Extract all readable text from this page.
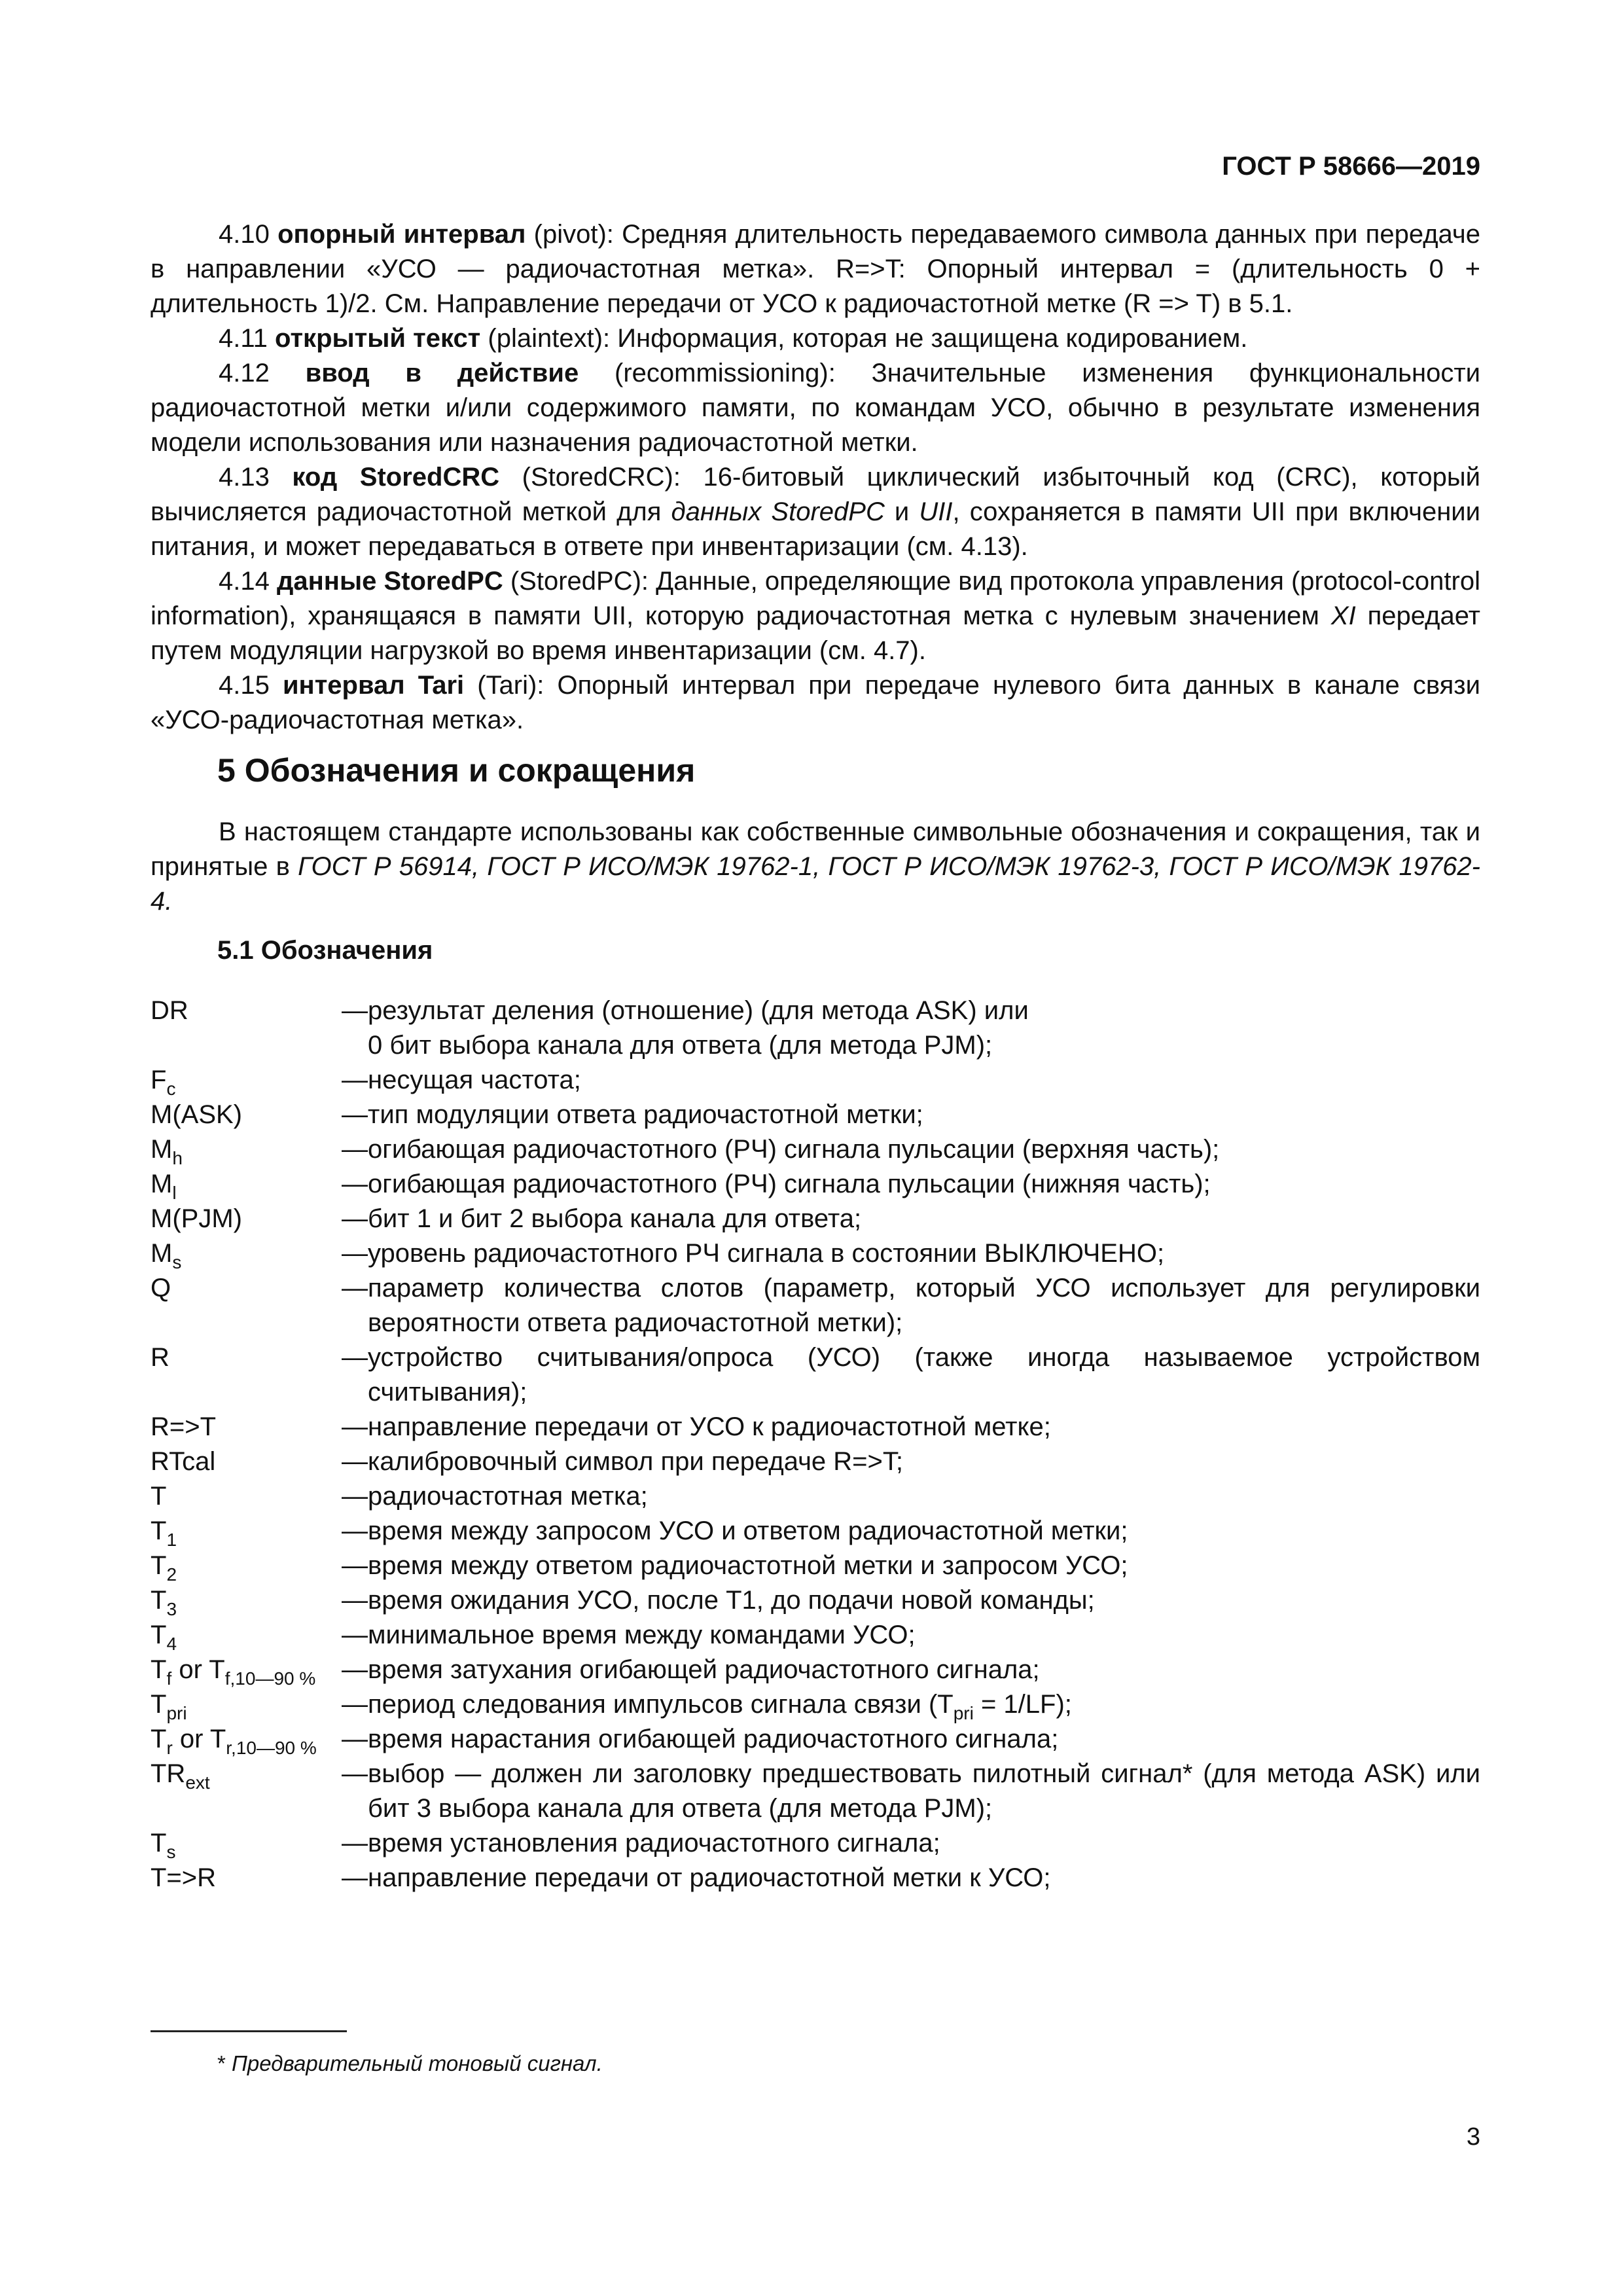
ГОСТ Р 58666—2019

4.10 опорный интервал (pivot): Средняя длительность передаваемого символа данных при передаче в направлении «УСО — радиочастотная метка». R=>T: Опорный интервал = (длительность 0 + длительность 1)/2. См. Направление передачи от УСО к радиочастотной метке (R => T) в 5.1.

4.11 открытый текст (plaintext): Информация, которая не защищена кодированием.

4.12 ввод в действие (recommissioning): Значительные изменения функциональности радиочастотной метки и/или содержимого памяти, по командам УСО, обычно в результате изменения модели использования или назначения радиочастотной метки.

4.13 код StoredCRC (StoredCRC): 16-битовый циклический избыточный код (CRC), который вычисляется радиочастотной меткой для данных StoredPC и UII, сохраняется в памяти UII при включении питания, и может передаваться в ответе при инвентаризации (см. 4.13).

4.14 данные StoredPC (StoredPC): Данные, определяющие вид протокола управления (protocol-control information), хранящаяся в памяти UII, которую радиочастотная метка с нулевым значением XI передает путем модуляции нагрузкой во время инвентаризации (см. 4.7).

4.15 интервал Tari (Tari): Опорный интервал при передаче нулевого бита данных в канале связи «УСО-радиочастотная метка».

5 Обозначения и сокращения

В настоящем стандарте использованы как собственные символьные обозначения и сокращения, так и принятые в ГОСТ Р 56914, ГОСТ Р ИСО/МЭК 19762-1, ГОСТ Р ИСО/МЭК 19762-3, ГОСТ Р ИСО/МЭК 19762-4.

5.1 Обозначения
DR	— результат деления (отношение) (для метода ASK) или
0 бит выбора канала для ответа (для метода PJM);
$F_c$	— несущая частота;
M(ASK)	— тип модуляции ответа радиочастотной метки;
$M_h$	— огибающая радиочастотного (РЧ) сигнала пульсации (верхняя часть);
$M_l$	— огибающая радиочастотного (РЧ) сигнала пульсации (нижняя часть);
M(PJM)	— бит 1 и бит 2 выбора канала для ответа;
$M_s$	— уровень радиочастотного РЧ сигнала в состоянии ВЫКЛЮЧЕНО;
Q	— параметр количества слотов (параметр, который УСО использует для регулировки вероятности ответа радиочастотной метки);
R	— устройство считывания/опроса (УСО) (также иногда называемое устройством считывания);
R=>T	— направление передачи от УСО к радиочастотной метке;
RTcal	— калибровочный символ при передаче R=>T;
T	— радиочастотная метка;
$T_1$	— время между запросом УСО и ответом радиочастотной метки;
$T_2$	— время между ответом радиочастотной метки и запросом УСО;
$T_3$	— время ожидания УСО, после T1, до подачи новой команды;
$T_4$	— минимальное время между командами УСО;
$T_f$ or $T_{f,10—90 \%}$ — время затухания огибающей радиочастотного сигнала;
$T_{pri}$	— период следования импульсов сигнала связи $(T_{pri} = 1/LF)$;
$T_r$ or $T_{r,10—90 \%}$ — время нарастания огибающей радиочастотного сигнала;
$TR_{ext}$	— выбор — должен ли заголовку предшествовать пилотный сигнал* (для метода ASK) или бит 3 выбора канала для ответа (для метода PJM);
$T_s$	— время установления радиочастотного сигнала;
T=>R	— направление передачи от радиочастотной метки к УСО;
* Предварительный тоновый сигнал.
3
